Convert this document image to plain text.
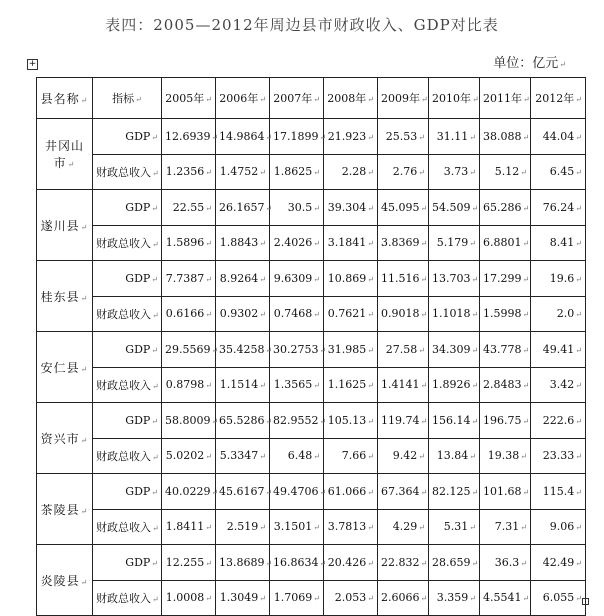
表四：2005—2012年周边县市财政收入、GDP对比表
单位：亿元↵
+
县名称↵	指标↵	2005年↵	2006年↵	2007年↵	2008年↵	2009年↵	2010年↵	2011年↵	2012年↵
井冈山市↵	GDP↵	12.6939↵	14.9864↵	17.1899↵	21.923↵	25.53↵	31.11↵	38.088↵	44.04↵
	财政总收入↵	1.2356↵	1.4752↵	1.8625↵	2.28↵	2.76↵	3.73↵	5.12↵	6.45↵
遂川县↵	GDP↵	22.55↵	26.1657↵	30.5↵	39.304↵	45.095↵	54.509↵	65.286↵	76.24↵
	财政总收入↵	1.5896↵	1.8843↵	2.4026↵	3.1841↵	3.8369↵	5.179↵	6.8801↵	8.41↵
桂东县↵	GDP↵	7.7387↵	8.9264↵	9.6309↵	10.869↵	11.516↵	13.703↵	17.299↵	19.6↵
	财政总收入↵	0.6166↵	0.9302↵	0.7468↵	0.7621↵	0.9018↵	1.1018↵	1.5998↵	2.0↵
安仁县↵	GDP↵	29.5569↵	35.4258↵	30.2753↵	31.985↵	27.58↵	34.309↵	43.778↵	49.41↵
	财政总收入↵	0.8798↵	1.1514↵	1.3565↵	1.1625↵	1.4141↵	1.8926↵	2.8483↵	3.42↵
资兴市↵	GDP↵	58.8009↵	65.5286↵	82.9552↵	105.13↵	119.74↵	156.14↵	196.75↵	222.6↵
	财政总收入↵	5.0202↵	5.3347↵	6.48↵	7.66↵	9.42↵	13.84↵	19.38↵	23.33↵
茶陵县↵	GDP↵	40.0229↵	45.6167↵	49.4706↵	61.066↵	67.364↵	82.125↵	101.68↵	115.4↵
	财政总收入↵	1.8411↵	2.519↵	3.1501↵	3.7813↵	4.29↵	5.31↵	7.31↵	9.06↵
炎陵县↵	GDP↵	12.255↵	13.8689↵	16.8634↵	20.426↵	22.832↵	28.659↵	36.3↵	42.49↵
	财政总收入↵	1.0008↵	1.3049↵	1.7069↵	2.053↵	2.6066↵	3.359↵	4.5541↵	6.055↵
